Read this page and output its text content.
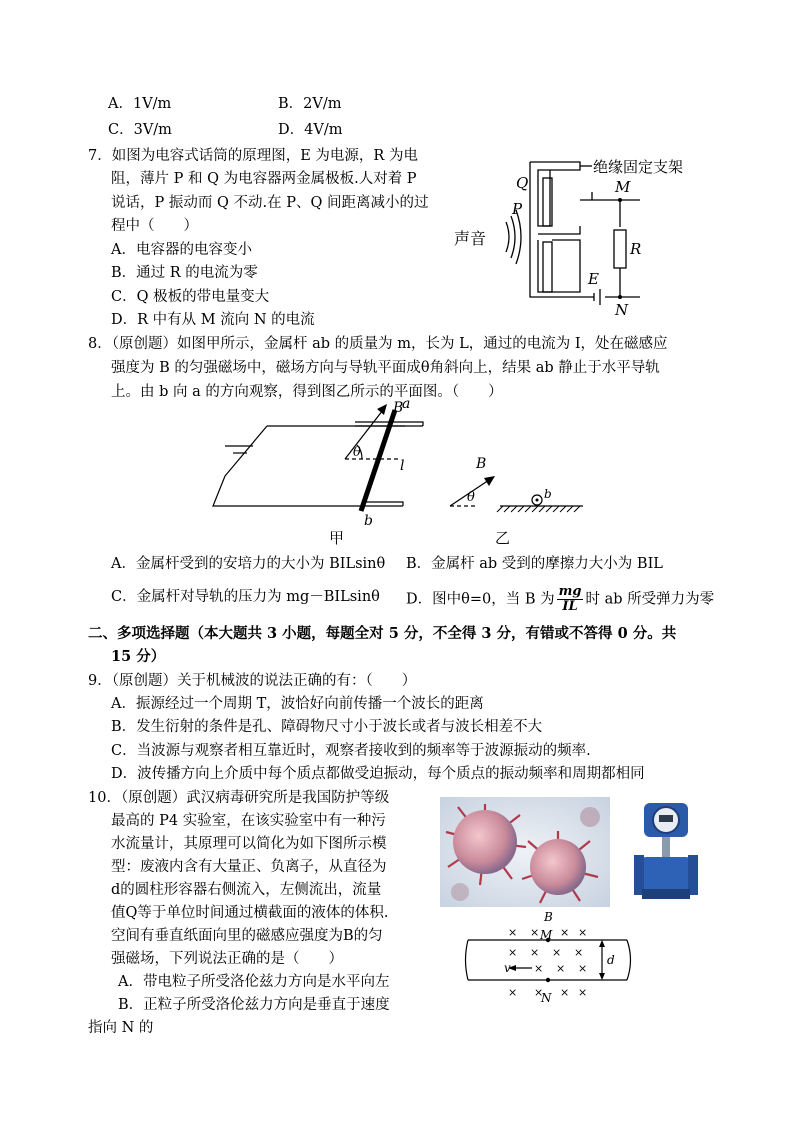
A．1V/m	B．2V/m
C．3V/m	D．4V/m
7．如图为电容式话筒的原理图，E 为电源，R 为电
阻，薄片 P 和 Q 为电容器两金属极板.人对着 P
说话，P 振动而 Q 不动.在 P、Q 间距离减小的过
程中（　　）
A．电容器的电容变小
B．通过 R 的电流为零
C．Q 极板的带电量变大
D．R 中有从 M 流向 N 的电流
绝缘固定支架
Q
P
M
R
E
N
声音
8．（原创题）如图甲所示，金属杆 ab 的质量为 m，长为 L，通过的电流为 I，处在磁感应
强度为 B 的匀强磁场中，磁场方向与导轨平面成θ角斜向上，结果 ab 静止于水平导轨
上。由 b 向 a 的方向观察，得到图乙所示的平面图。（　　）
B
a
θ
l
b
甲
B
θ	b
乙
A．金属杆受到的安培力的大小为 BILsinθ B．金属杆 ab 受到的摩擦力大小为 BIL
C．金属杆对导轨的压力为 mg－BILsinθ D．图中θ=0，当 B 为 $\frac{mg}{IL}$ 时 ab 所受弹力为零
二、多项选择题（本大题共 3 小题，每题全对 5 分，不全得 3 分，有错或不答得 0 分。共
15 分）
9．（原创题）关于机械波的说法正确的有：（　　）
A．振源经过一个周期 T，波恰好向前传播一个波长的距离
B．发生衍射的条件是孔、障碍物尺寸小于波长或者与波长相差不大
C．当波源与观察者相互靠近时，观察者接收到的频率等于波源振动的频率.
D．波传播方向上介质中每个质点都做受迫振动，每个质点的振动频率和周期都相同
10．（原创题）武汉病毒研究所是我国防护等级
最高的 P4 实验室，在该实验室中有一种污
水流量计，其原理可以简化为如下图所示模
型：废液内含有大量正、负离子，从直径为
d的圆柱形容器右侧流入，左侧流出，流量
值Q等于单位时间通过横截面的液体的体积.
空间有垂直纸面向里的磁感应强度为B的匀
强磁场，下列说法正确的是（　　）
A．带电粒子所受洛伦兹力方向是水平向左
B．正粒子所受洛伦兹力方向是垂直于速度
指向 N 的
× × × ×
× × × ×
× × ×
× × × ×
B
M
N
v
d
